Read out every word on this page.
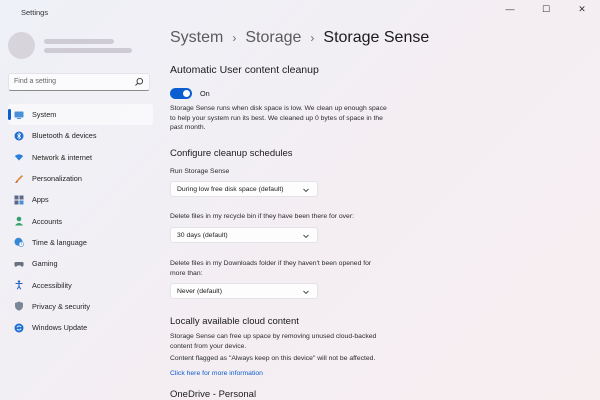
Settings	—	☐	✕
Find a setting
System
Bluetooth & devices
Network & internet
Personalization
Apps
Accounts
Time & language
Gaming
Accessibility
Privacy & security
Windows Update
System › Storage › Storage Sense
Automatic User content cleanup
On
Storage Sense runs when disk space is low. We clean up enough space
to help your system run its best. We cleaned up 0 bytes of space in the
past month.
Configure cleanup schedules
Run Storage Sense
During low free disk space (default)
Delete files in my recycle bin if they have been there for over:
30 days (default)
Delete files in my Downloads folder if they haven't been opened for
more than:
Never (default)
Locally available cloud content
Storage Sense can free up space by removing unused cloud-backed
content from your device.
Content flagged as "Always keep on this device" will not be affected.
Click here for more information
OneDrive - Personal
